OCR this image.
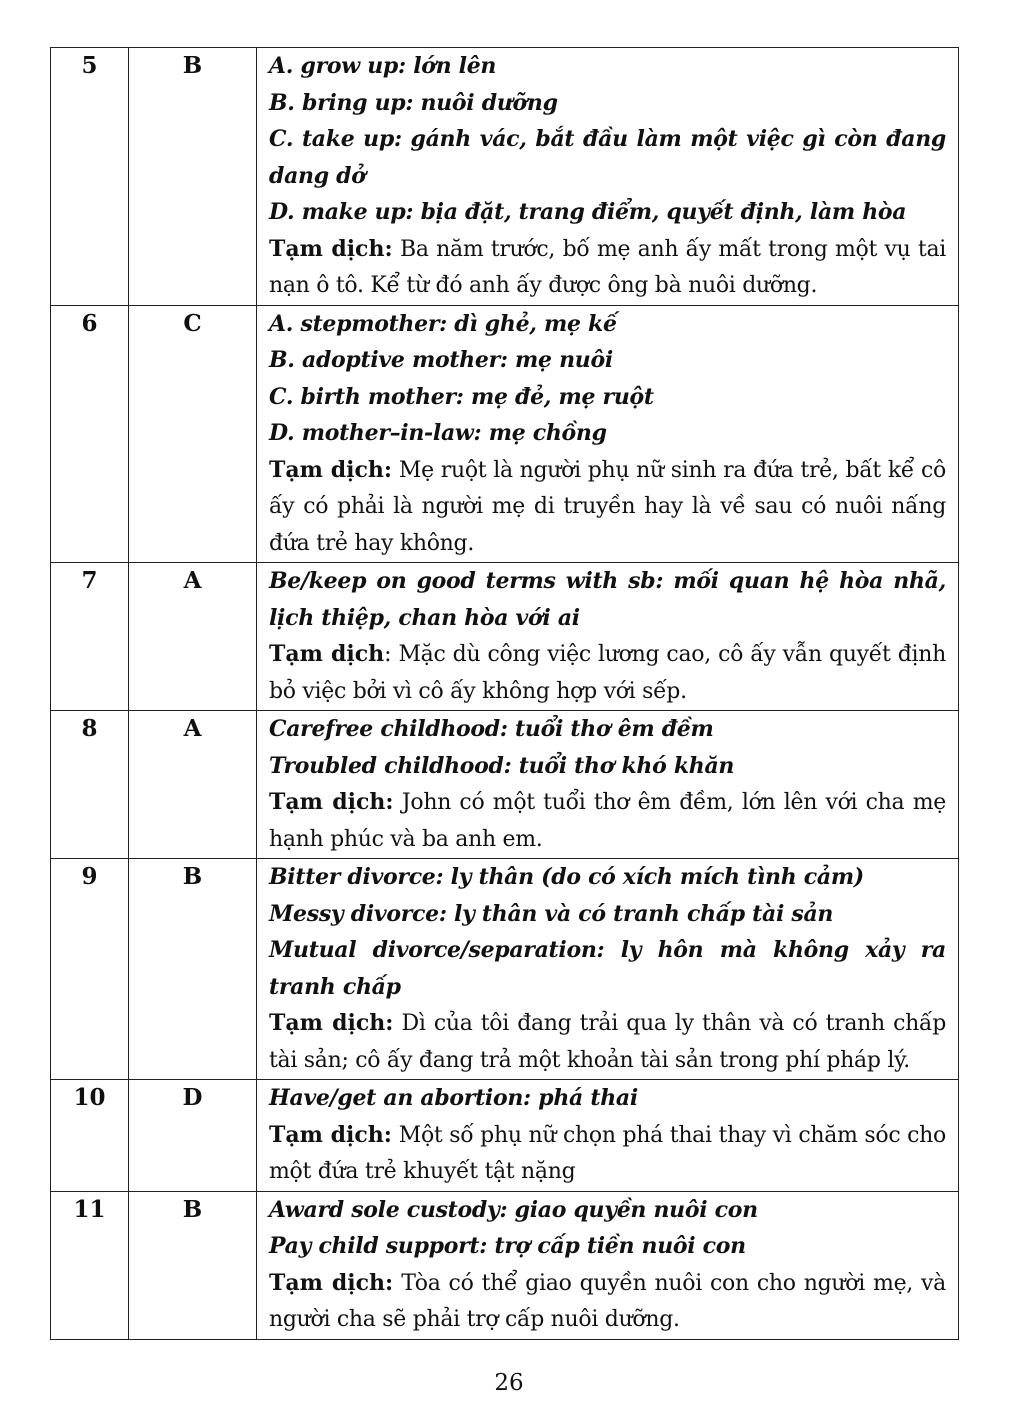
5	B	A. grow up: lớn lên
B. bring up: nuôi dưỡng
C. take up: gánh vác, bắt đầu làm một việc gì còn đang dang dở
D. make up: bịa đặt, trang điểm, quyết định, làm hòa
Tạm dịch: Ba năm trước, bố mẹ anh ấy mất trong một vụ tai nạn ô tô. Kể từ đó anh ấy được ông bà nuôi dưỡng.

6	C	A. stepmother: dì ghẻ, mẹ kế
B. adoptive mother: mẹ nuôi
C. birth mother: mẹ đẻ, mẹ ruột
D. mother–in-law: mẹ chồng
Tạm dịch: Mẹ ruột là người phụ nữ sinh ra đứa trẻ, bất kể cô ấy có phải là người mẹ di truyền hay là về sau có nuôi nấng đứa trẻ hay không.

7	A	Be/keep on good terms with sb: mối quan hệ hòa nhã, lịch thiệp, chan hòa với ai
Tạm dịch: Mặc dù công việc lương cao, cô ấy vẫn quyết định bỏ việc bởi vì cô ấy không hợp với sếp.

8	A	Carefree childhood: tuổi thơ êm đềm
Troubled childhood: tuổi thơ khó khăn
Tạm dịch: John có một tuổi thơ êm đềm, lớn lên với cha mẹ hạnh phúc và ba anh em.

9	B	Bitter divorce: ly thân (do có xích mích tình cảm)
Messy divorce: ly thân và có tranh chấp tài sản
Mutual divorce/separation: ly hôn mà không xảy ra tranh chấp
Tạm dịch: Dì của tôi đang trải qua ly thân và có tranh chấp tài sản; cô ấy đang trả một khoản tài sản trong phí pháp lý.

10	D	Have/get an abortion: phá thai
Tạm dịch: Một số phụ nữ chọn phá thai thay vì chăm sóc cho một đứa trẻ khuyết tật nặng

11	B	Award sole custody: giao quyền nuôi con
Pay child support: trợ cấp tiền nuôi con
Tạm dịch: Tòa có thể giao quyền nuôi con cho người mẹ, và người cha sẽ phải trợ cấp nuôi dưỡng.
26
